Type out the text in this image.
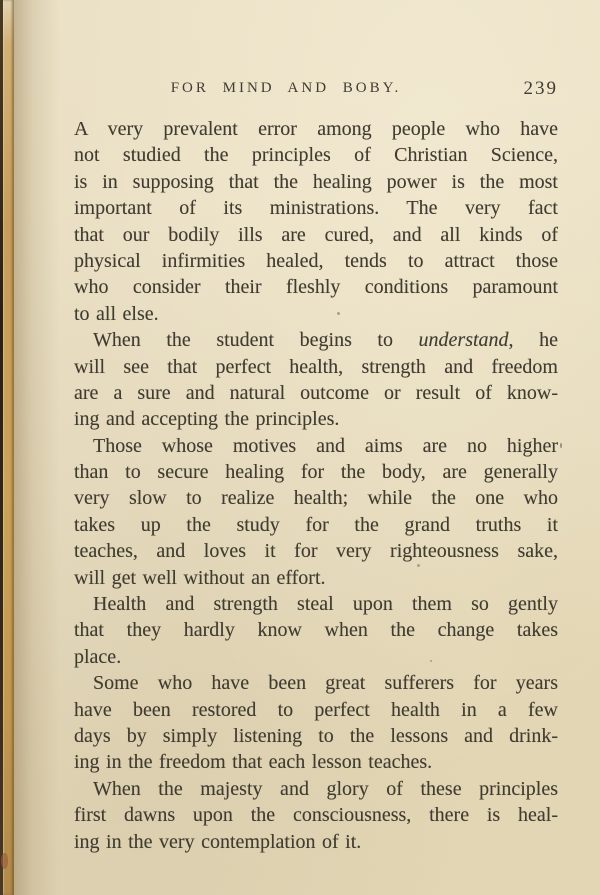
FOR MIND AND BOBY.	239
A very prevalent error among people who have
not studied the principles of Christian Science,
is in supposing that the healing power is the most
important of its ministrations. The very fact
that our bodily ills are cured, and all kinds of
physical infirmities healed, tends to attract those
who consider their fleshly conditions paramount
to all else.
When the student begins to understand, he
will see that perfect health, strength and freedom
are a sure and natural outcome or result of know-
ing and accepting the principles.
Those whose motives and aims are no higher
than to secure healing for the body, are generally
very slow to realize health; while the one who
takes up the study for the grand truths it
teaches, and loves it for very righteousness sake,
will get well without an effort.
Health and strength steal upon them so gently
that they hardly know when the change takes
place.
Some who have been great sufferers for years
have been restored to perfect health in a few
days by simply listening to the lessons and drink-
ing in the freedom that each lesson teaches.
When the majesty and glory of these principles
first dawns upon the consciousness, there is heal-
ing in the very contemplation of it.
